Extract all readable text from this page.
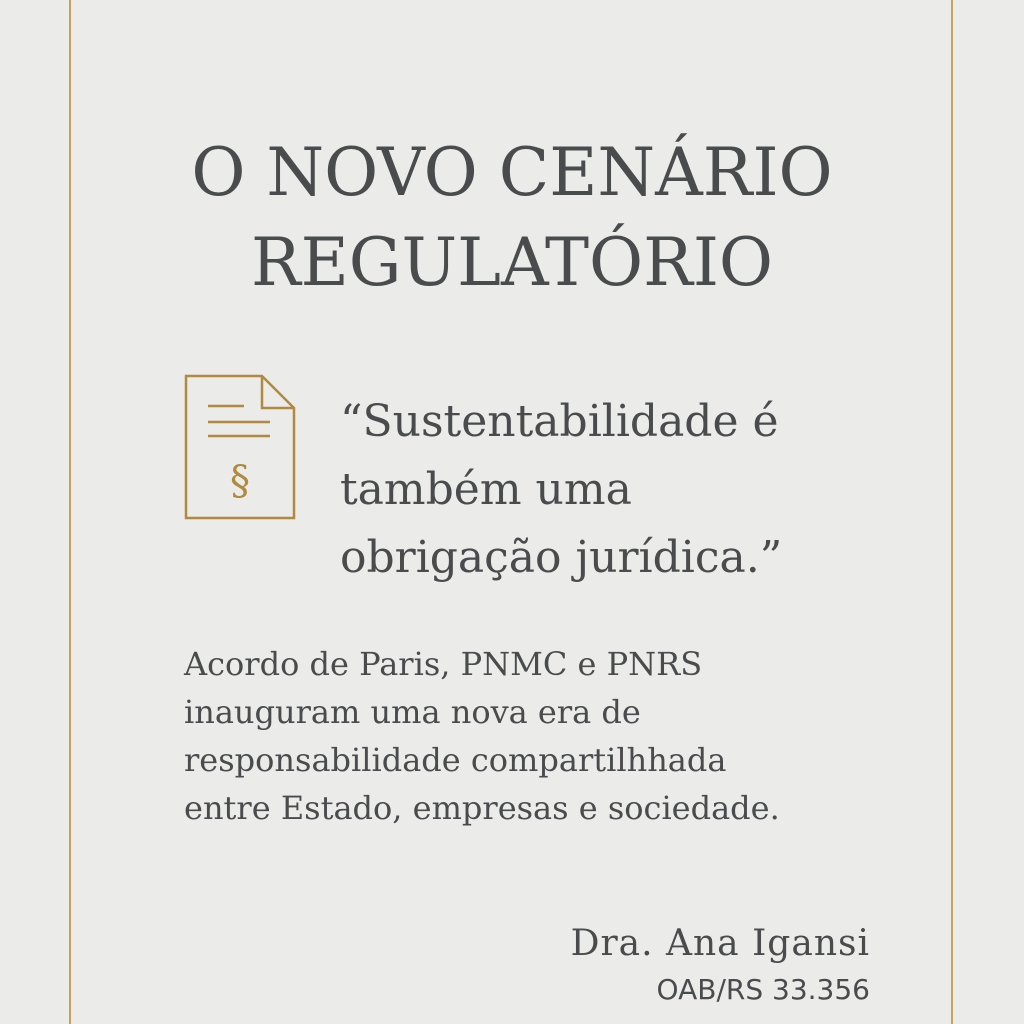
O NOVO CENÁRIO
REGULATÓRIO
§

“Sustentabilidade é
também uma
obrigação jurídica.”

Acordo de Paris, PNMC e PNRS
inauguram uma nova era de
responsabilidade compartilhhada
entre Estado, empresas e sociedade.

Dra. Ana Igansi
OAB/RS 33.356
